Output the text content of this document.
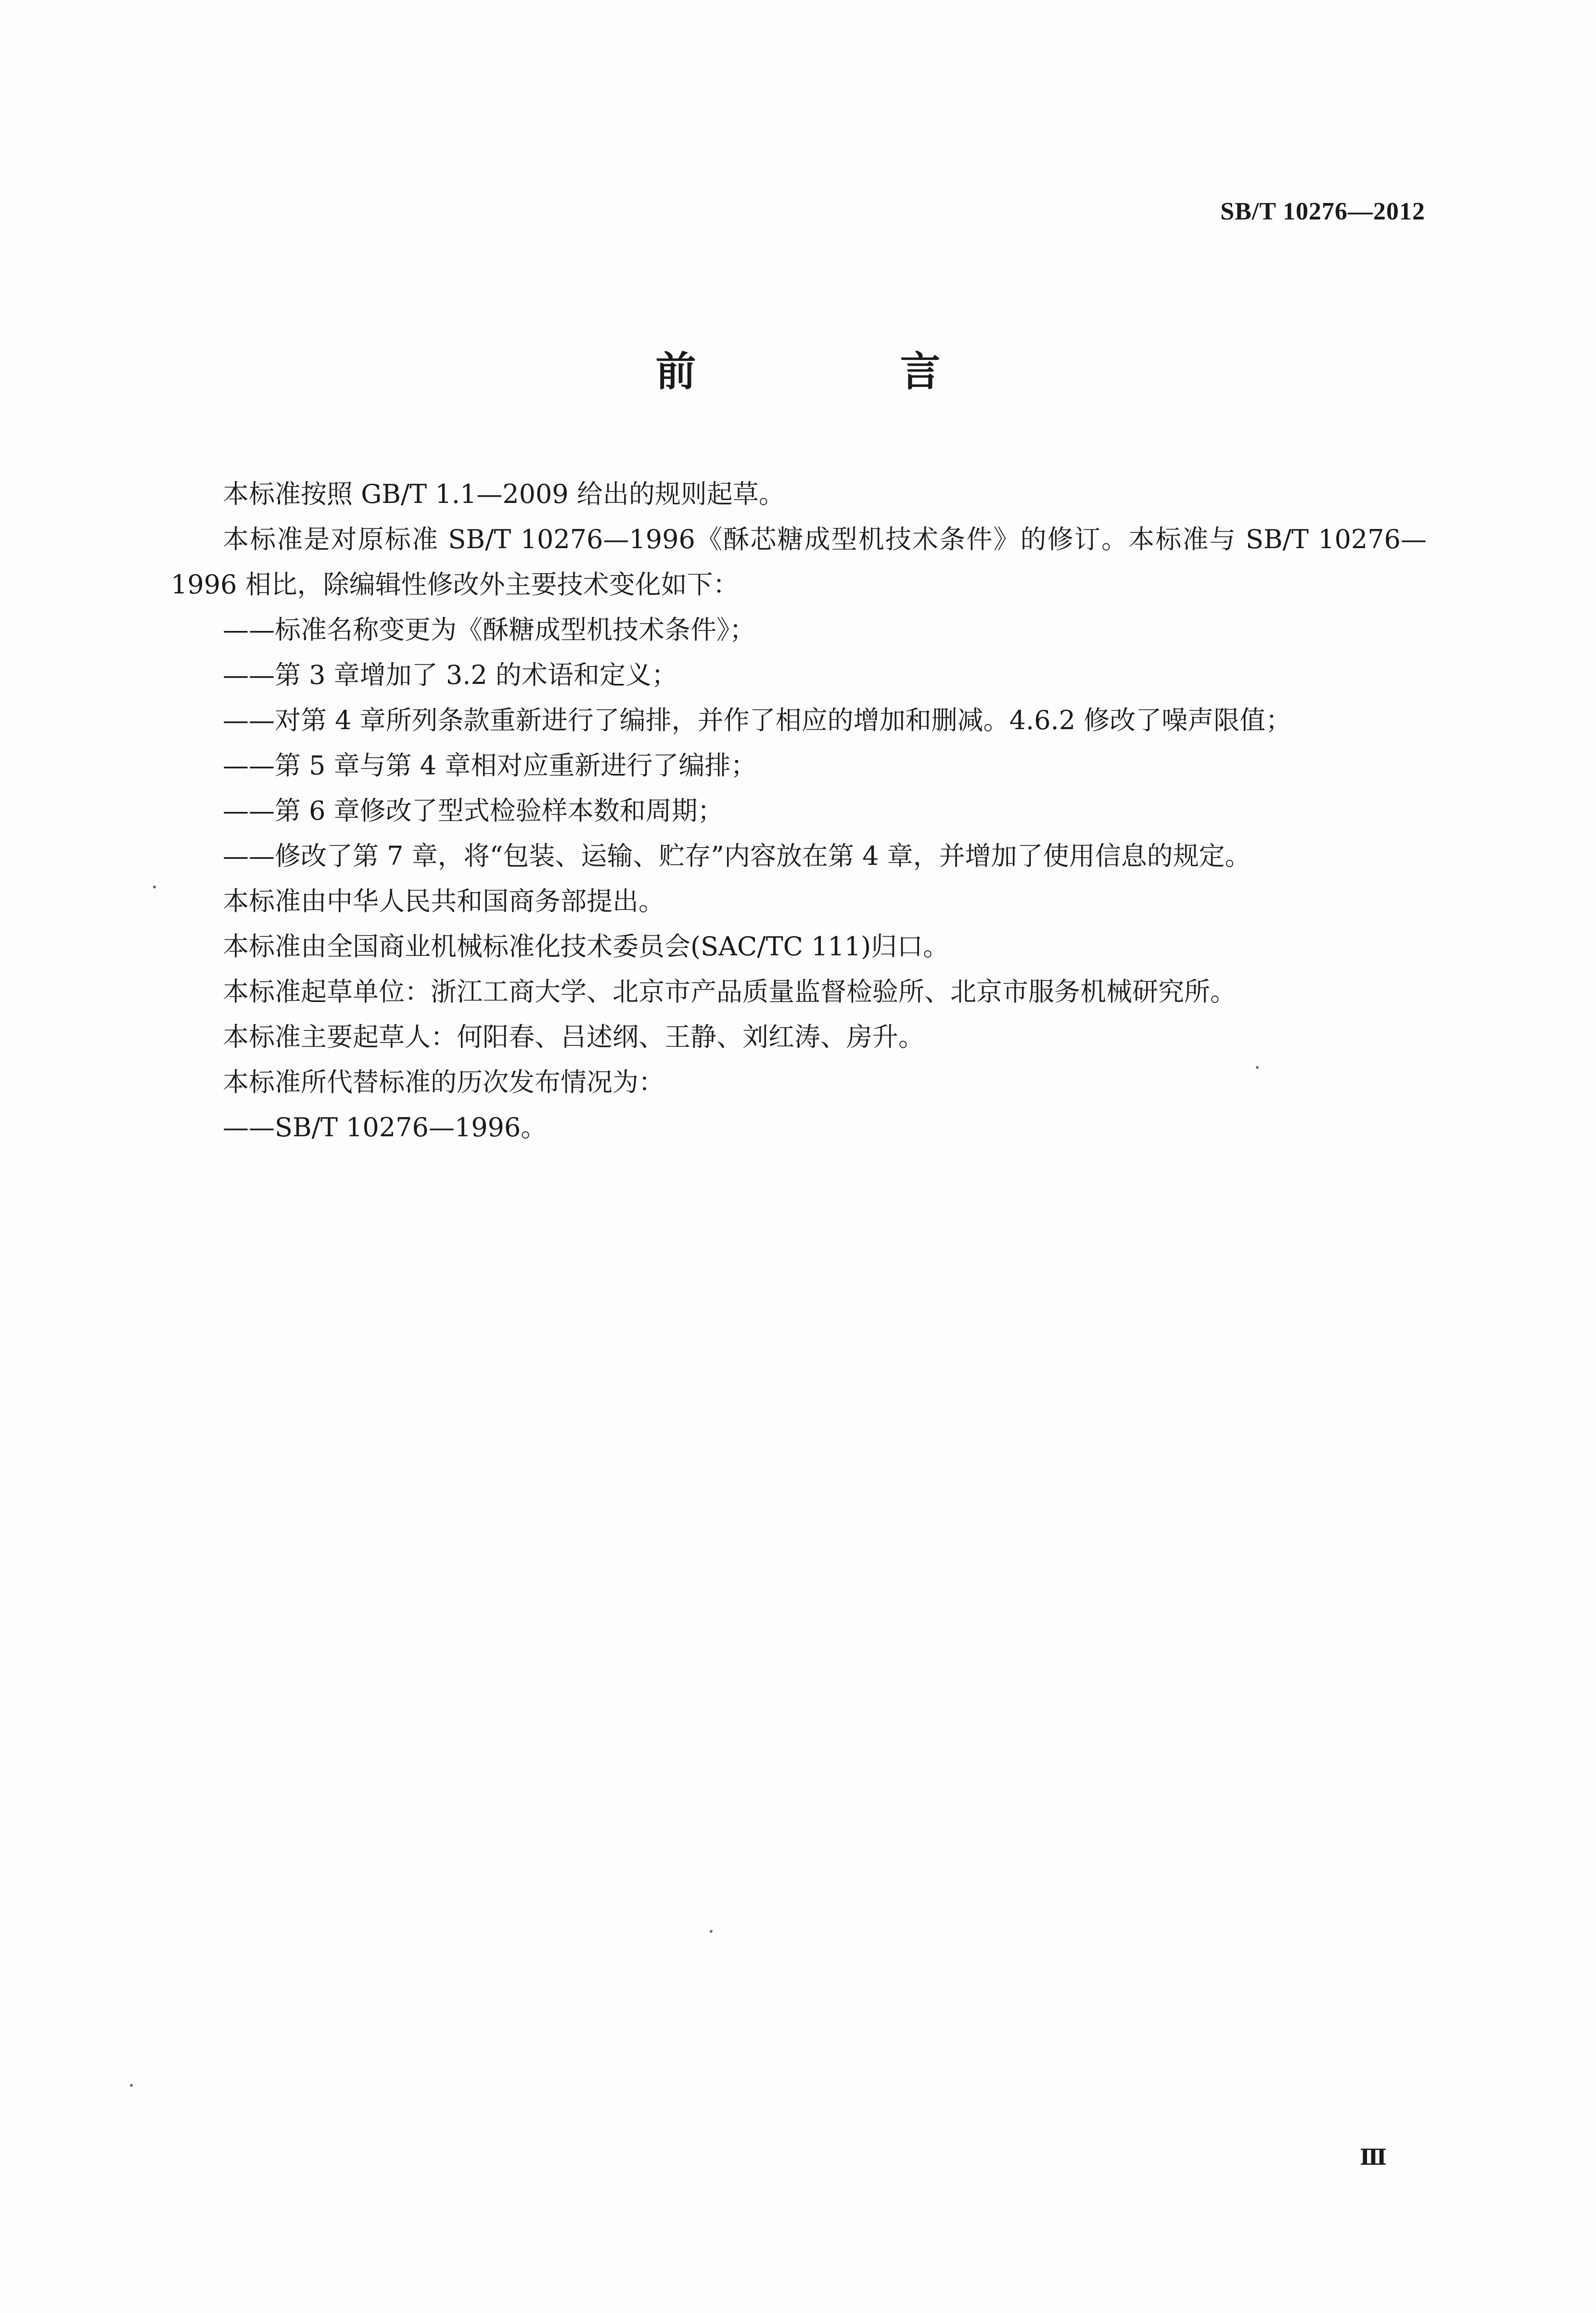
SB/T 10276—2012
前　言

本标准按照 GB/T 1.1—2009 给出的规则起草。

本标准是对原标准 SB/T 10276—1996《酥芯糖成型机技术条件》的修订。本标准与 SB/T 10276—1996 相比，除编辑性修改外主要技术变化如下：

——标准名称变更为《酥糖成型机技术条件》；

——第 3 章增加了 3.2 的术语和定义；

——对第 4 章所列条款重新进行了编排，并作了相应的增加和删减。4.6.2 修改了噪声限值；

——第 5 章与第 4 章相对应重新进行了编排；

——第 6 章修改了型式检验样本数和周期；

——修改了第 7 章，将“包装、运输、贮存”内容放在第 4 章，并增加了使用信息的规定。

本标准由中华人民共和国商务部提出。

本标准由全国商业机械标准化技术委员会(SAC/TC 111)归口。

本标准起草单位：浙江工商大学、北京市产品质量监督检验所、北京市服务机械研究所。

本标准主要起草人：何阳春、吕述纲、王静、刘红涛、房升。

本标准所代替标准的历次发布情况为：

——SB/T 10276—1996。

Ⅲ
